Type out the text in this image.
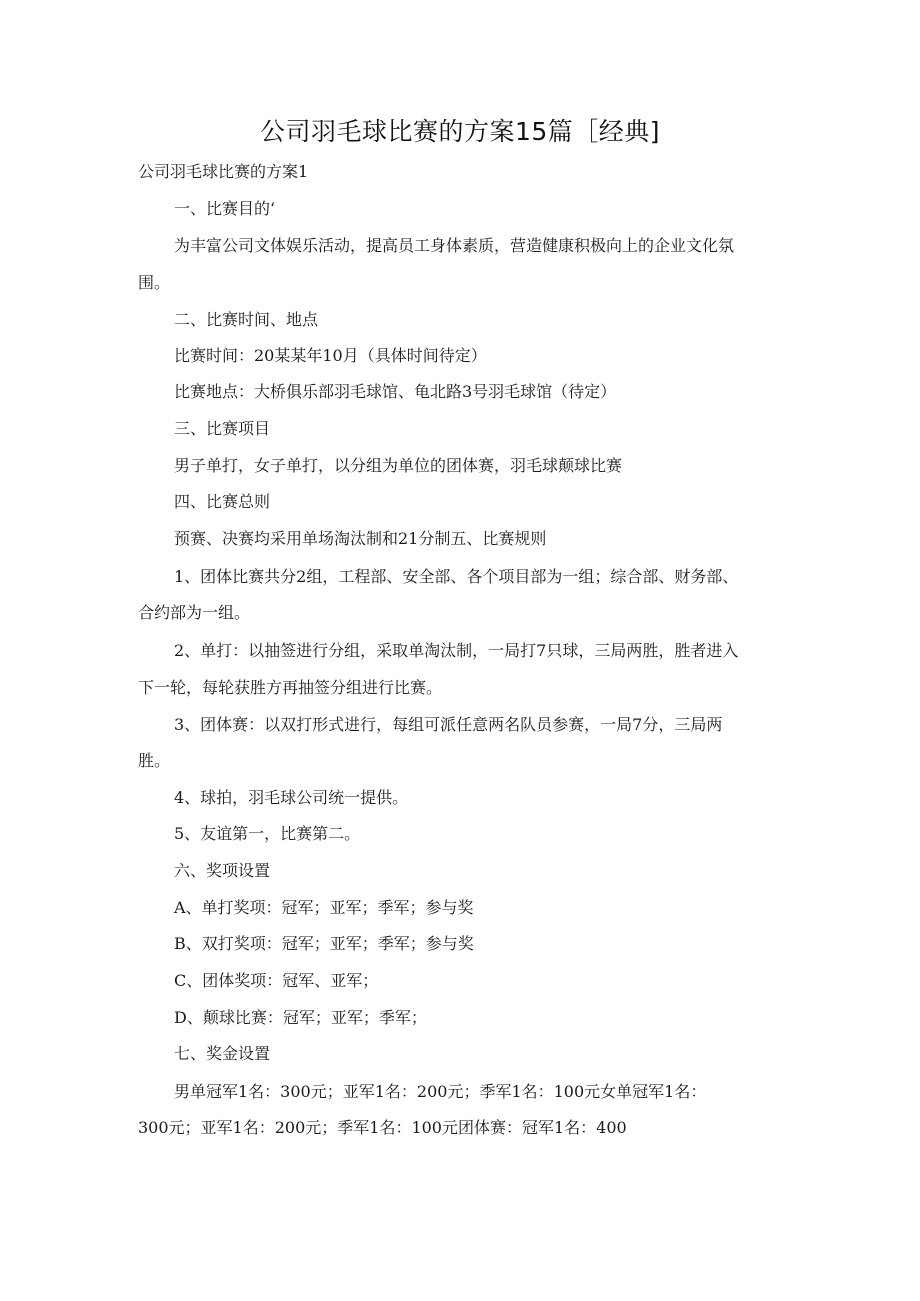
公司羽毛球比赛的方案15篇［经典]
公司羽毛球比赛的方案1
一、比赛目的‘
为丰富公司文体娱乐活动，提高员工身体素质，营造健康积极向上的企业文化氛
围。
二、比赛时间、地点
比赛时间：20某某年10月（具体时间待定）
比赛地点：大桥俱乐部羽毛球馆、龟北路3号羽毛球馆（待定）
三、比赛项目
男子单打，女子单打，以分组为单位的团体赛，羽毛球颠球比赛
四、比赛总则
预赛、决赛均采用单场淘汰制和21分制五、比赛规则
1、团体比赛共分2组，工程部、安全部、各个项目部为一组；综合部、财务部、
合约部为一组。
2、单打：以抽签进行分组，采取单淘汰制，一局打7只球，三局两胜，胜者进入
下一轮，每轮获胜方再抽签分组进行比赛。
3、团体赛：以双打形式进行，每组可派任意两名队员参赛，一局7分，三局两
胜。
4、球拍，羽毛球公司统一提供。
5、友谊第一，比赛第二。
六、奖项设置
A、单打奖项：冠军；亚军；季军；参与奖
B、双打奖项：冠军；亚军；季军；参与奖
C、团体奖项：冠军、亚军；
D、颠球比赛：冠军；亚军；季军；
七、奖金设置
男单冠军1名：300元；亚军1名：200元；季军1名：100元女单冠军1名：
300元；亚军1名：200元；季军1名：100元团体赛：冠军1名：400
